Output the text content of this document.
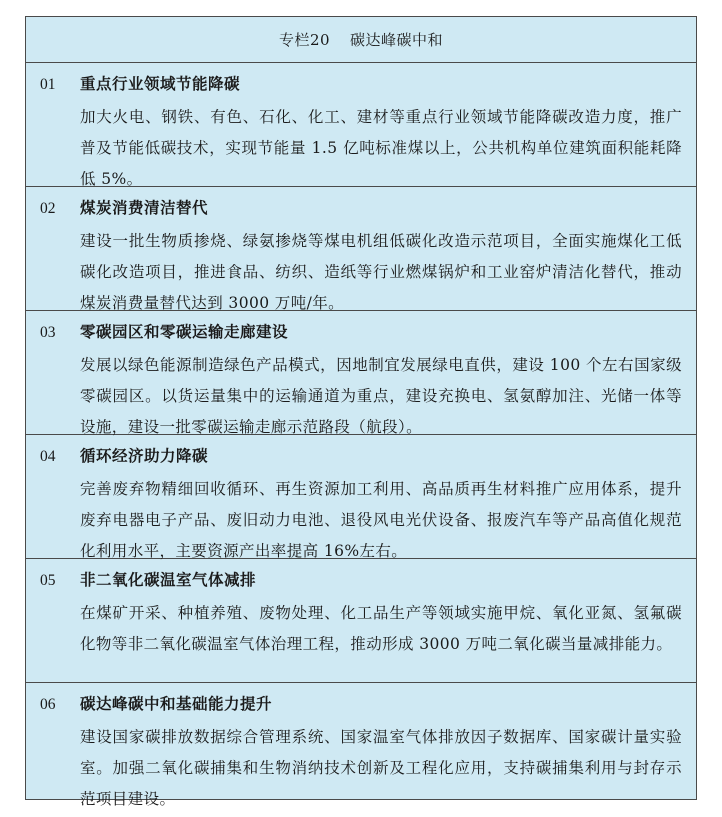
专栏20 碳达峰碳中和
01	重点行业领域节能降碳
加大火电、钢铁、有色、石化、化工、建材等重点行业领域节能降碳改造力度，推广普及节能低碳技术，实现节能量 1.5 亿吨标准煤以上，公共机构单位建筑面积能耗降低 5%。
02	煤炭消费清洁替代
建设一批生物质掺烧、绿氨掺烧等煤电机组低碳化改造示范项目，全面实施煤化工低碳化改造项目，推进食品、纺织、造纸等行业燃煤锅炉和工业窑炉清洁化替代，推动煤炭消费量替代达到 3000 万吨/年。
03	零碳园区和零碳运输走廊建设
发展以绿色能源制造绿色产品模式，因地制宜发展绿电直供，建设 100 个左右国家级零碳园区。以货运量集中的运输通道为重点，建设充换电、氢氨醇加注、光储一体等设施，建设一批零碳运输走廊示范路段（航段）。
04	循环经济助力降碳
完善废弃物精细回收循环、再生资源加工利用、高品质再生材料推广应用体系，提升废弃电器电子产品、废旧动力电池、退役风电光伏设备、报废汽车等产品高值化规范化利用水平，主要资源产出率提高 16%左右。
05	非二氧化碳温室气体减排
在煤矿开采、种植养殖、废物处理、化工品生产等领域实施甲烷、氧化亚氮、氢氟碳化物等非二氧化碳温室气体治理工程，推动形成 3000 万吨二氧化碳当量减排能力。
06	碳达峰碳中和基础能力提升
建设国家碳排放数据综合管理系统、国家温室气体排放因子数据库、国家碳计量实验室。加强二氧化碳捕集和生物消纳技术创新及工程化应用，支持碳捕集利用与封存示范项目建设。
